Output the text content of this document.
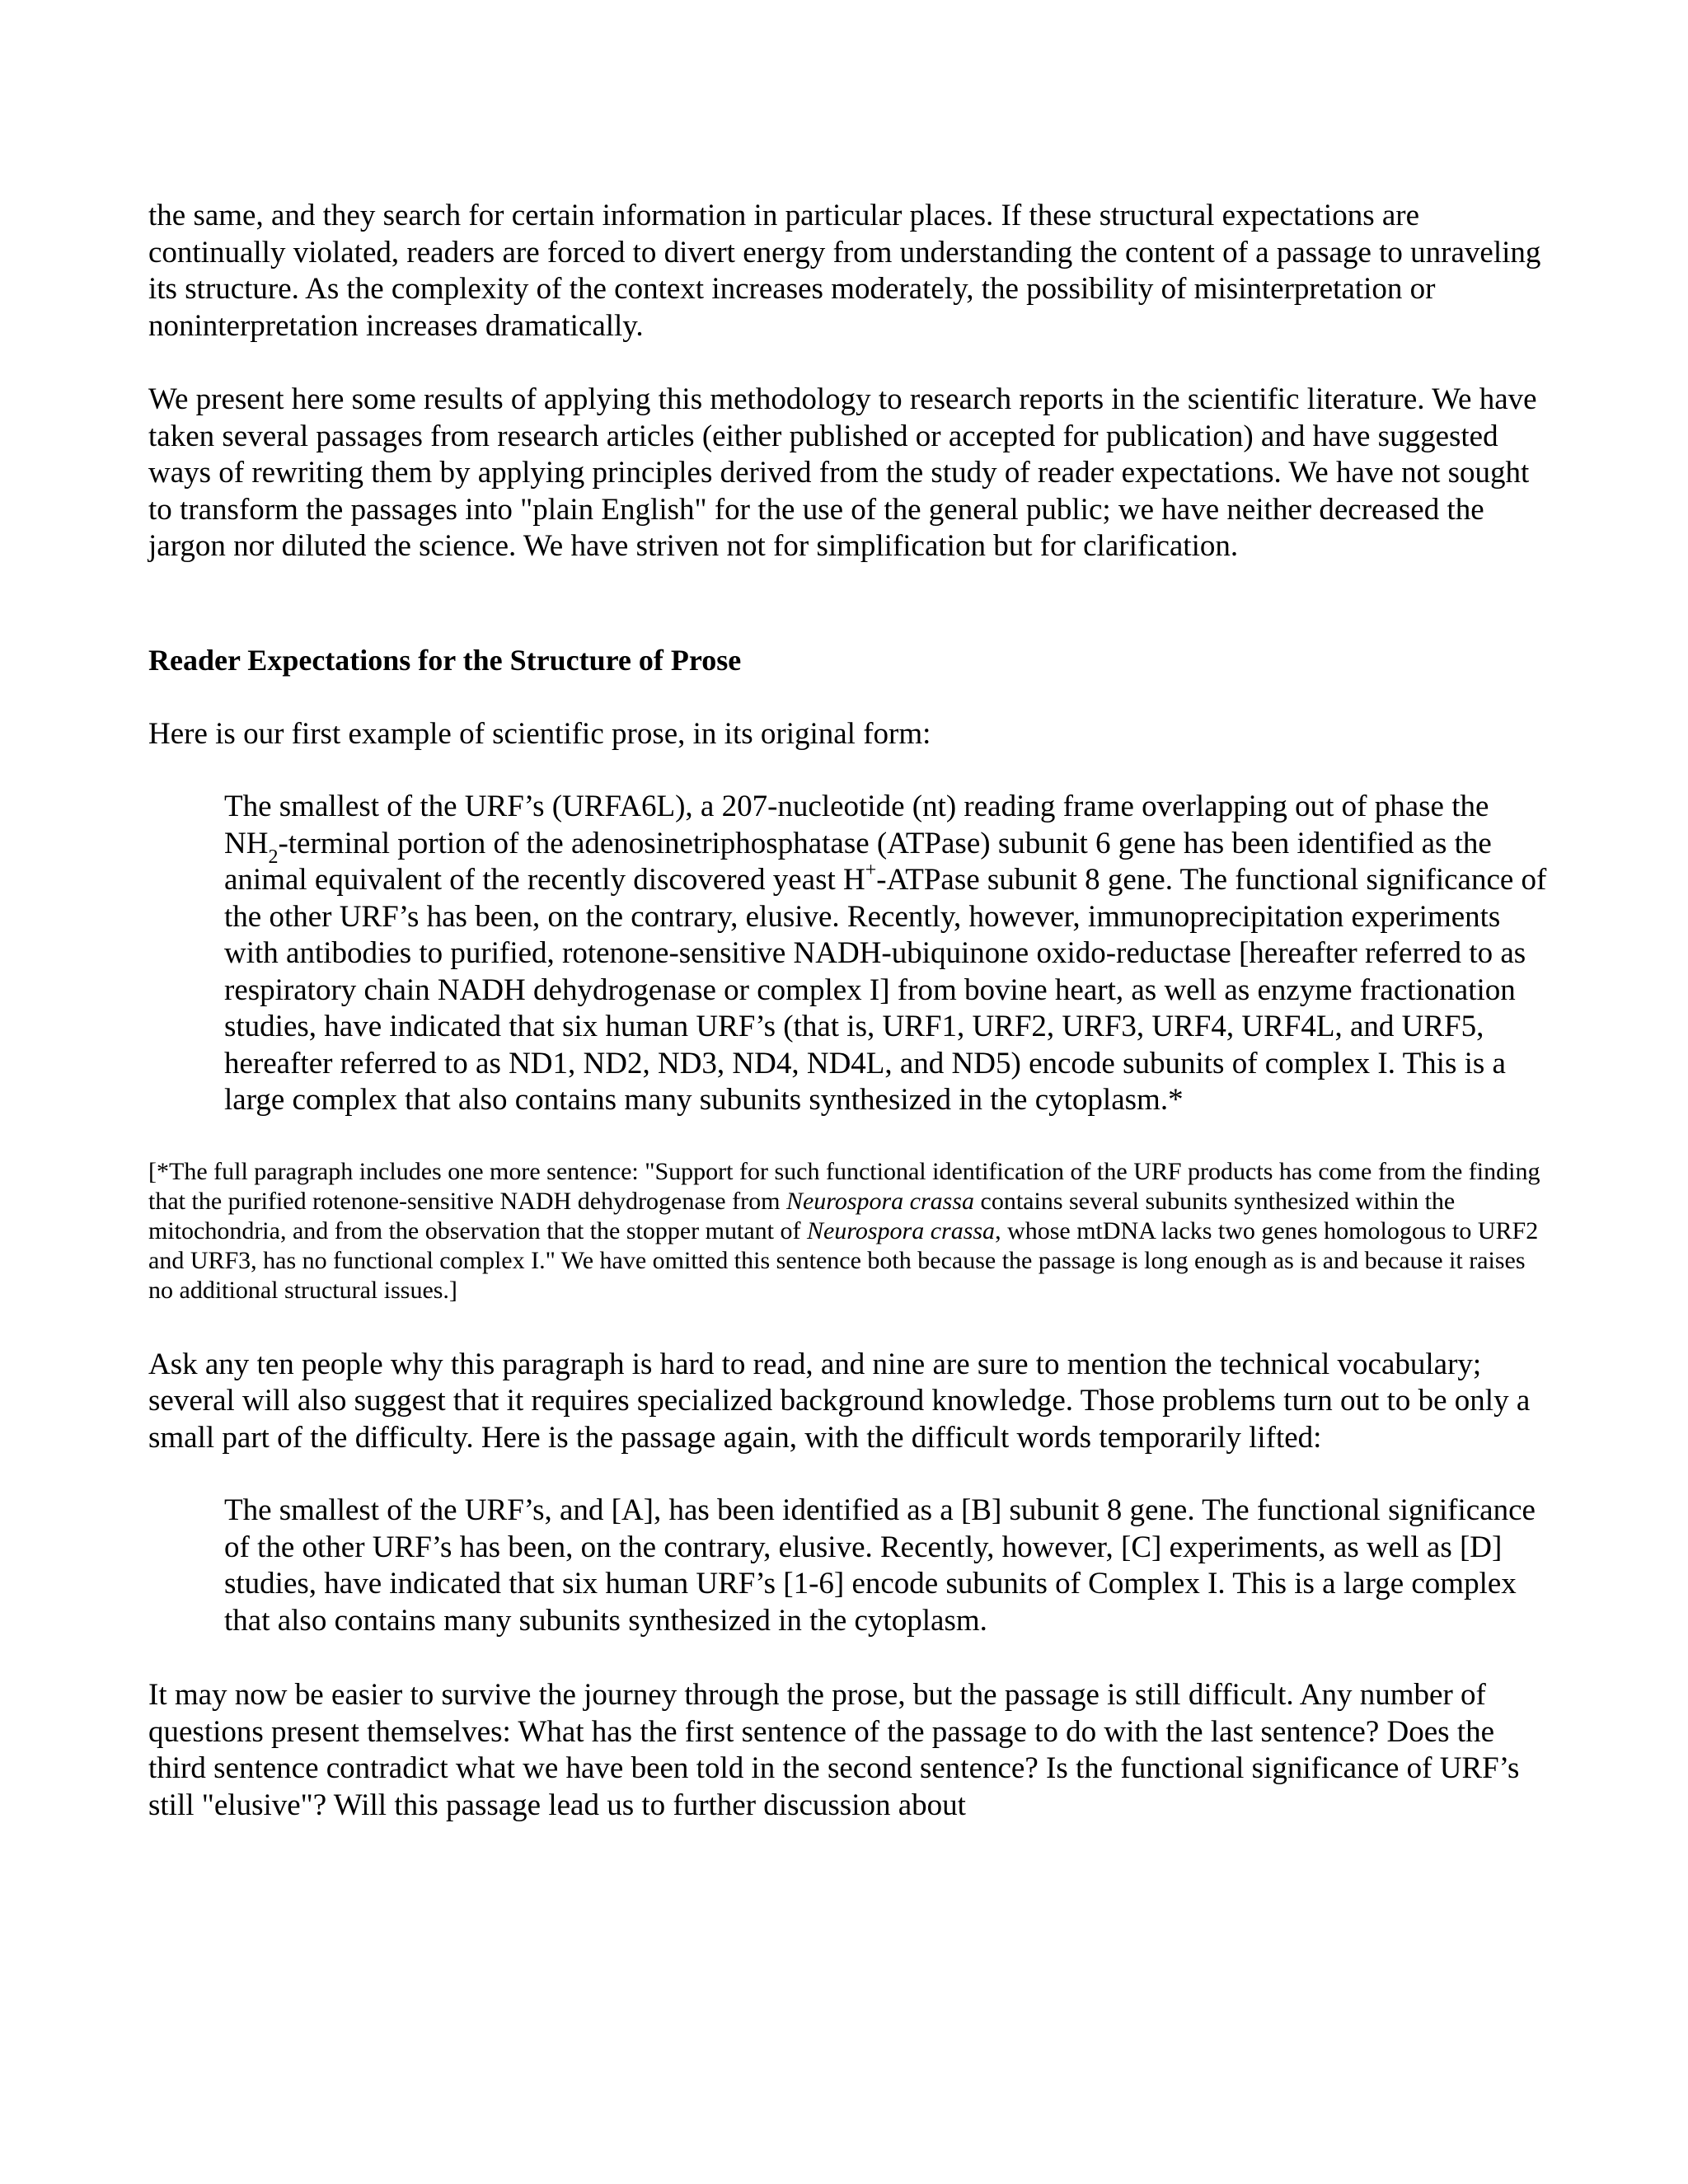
the same, and they search for certain information in particular places. If these structural expectations are continually violated, readers are forced to divert energy from understanding the content of a passage to unraveling its structure. As the complexity of the context increases moderately, the possibility of misinterpretation or noninterpretation increases dramatically.

We present here some results of applying this methodology to research reports in the scientific literature. We have taken several passages from research articles (either published or accepted for publication) and have suggested ways of rewriting them by applying principles derived from the study of reader expectations. We have not sought to transform the passages into "plain English" for the use of the general public; we have neither decreased the jargon nor diluted the science. We have striven not for simplification but for clarification.

Reader Expectations for the Structure of Prose

Here is our first example of scientific prose, in its original form:

The smallest of the URF’s (URFA6L), a 207-nucleotide (nt) reading frame overlapping out of phase the $NH_2$-terminal portion of the adenosinetriphosphatase (ATPase) subunit 6 gene has been identified as the animal equivalent of the recently discovered yeast H+-ATPase subunit 8 gene. The functional significance of the other URF’s has been, on the contrary, elusive. Recently, however, immunoprecipitation experiments with antibodies to purified, rotenone-sensitive NADH-ubiquinone oxido-reductase [hereafter referred to as respiratory chain NADH dehydrogenase or complex I] from bovine heart, as well as enzyme fractionation studies, have indicated that six human URF’s (that is, URF1, URF2, URF3, URF4, URF4L, and URF5, hereafter referred to as ND1, ND2, ND3, ND4, ND4L, and ND5) encode subunits of complex I. This is a large complex that also contains many subunits synthesized in the cytoplasm.*

[*The full paragraph includes one more sentence: "Support for such functional identification of the URF products has come from the finding that the purified rotenone-sensitive NADH dehydrogenase from Neurospora crassa contains several subunits synthesized within the mitochondria, and from the observation that the stopper mutant of Neurospora crassa, whose mtDNA lacks two genes homologous to URF2 and URF3, has no functional complex I." We have omitted this sentence both because the passage is long enough as is and because it raises no additional structural issues.]

Ask any ten people why this paragraph is hard to read, and nine are sure to mention the technical vocabulary; several will also suggest that it requires specialized background knowledge. Those problems turn out to be only a small part of the difficulty. Here is the passage again, with the difficult words temporarily lifted:

The smallest of the URF’s, and [A], has been identified as a [B] subunit 8 gene. The functional significance of the other URF’s has been, on the contrary, elusive. Recently, however, [C] experiments, as well as [D] studies, have indicated that six human URF’s [1-6] encode subunits of Complex I. This is a large complex that also contains many subunits synthesized in the cytoplasm.

It may now be easier to survive the journey through the prose, but the passage is still difficult. Any number of questions present themselves: What has the first sentence of the passage to do with the last sentence? Does the third sentence contradict what we have been told in the second sentence? Is the functional significance of URF’s still "elusive"? Will this passage lead us to further discussion about
